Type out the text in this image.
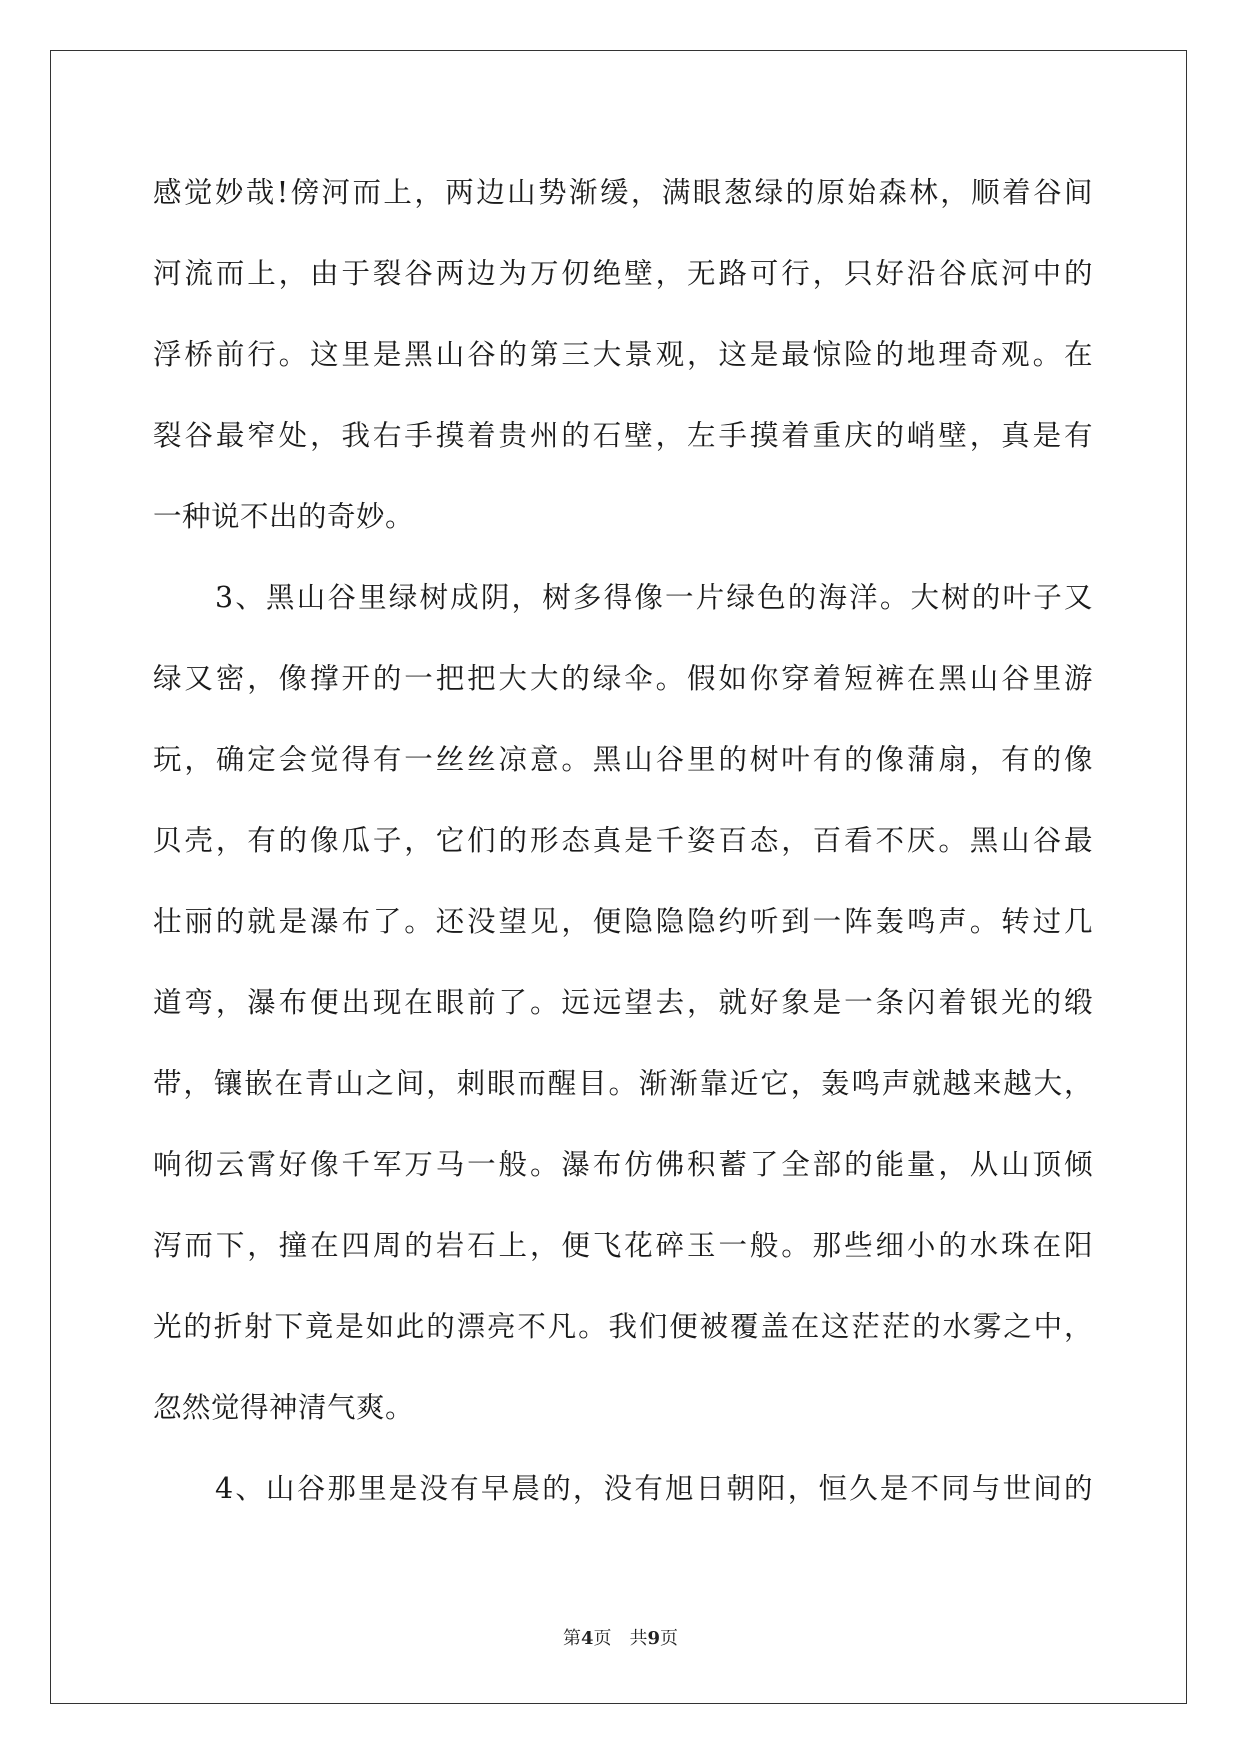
感觉妙哉!傍河而上，两边山势渐缓，满眼葱绿的原始森林，顺着谷间

河流而上，由于裂谷两边为万仞绝壁，无路可行，只好沿谷底河中的

浮桥前行。这里是黑山谷的第三大景观，这是最惊险的地理奇观。在

裂谷最窄处，我右手摸着贵州的石壁，左手摸着重庆的峭壁，真是有

一种说不出的奇妙。

3、黑山谷里绿树成阴，树多得像一片绿色的海洋。大树的叶子又

绿又密，像撑开的一把把大大的绿伞。假如你穿着短裤在黑山谷里游

玩，确定会觉得有一丝丝凉意。黑山谷里的树叶有的像蒲扇，有的像

贝壳，有的像瓜子，它们的形态真是千姿百态，百看不厌。黑山谷最

壮丽的就是瀑布了。还没望见，便隐隐隐约听到一阵轰鸣声。转过几

道弯，瀑布便出现在眼前了。远远望去，就好象是一条闪着银光的缎

带，镶嵌在青山之间，刺眼而醒目。渐渐靠近它，轰鸣声就越来越大，

响彻云霄好像千军万马一般。瀑布仿佛积蓄了全部的能量，从山顶倾

泻而下，撞在四周的岩石上，便飞花碎玉一般。那些细小的水珠在阳

光的折射下竟是如此的漂亮不凡。我们便被覆盖在这茫茫的水雾之中，

忽然觉得神清气爽。

4、山谷那里是没有早晨的，没有旭日朝阳，恒久是不同与世间的

第4页 共9页
